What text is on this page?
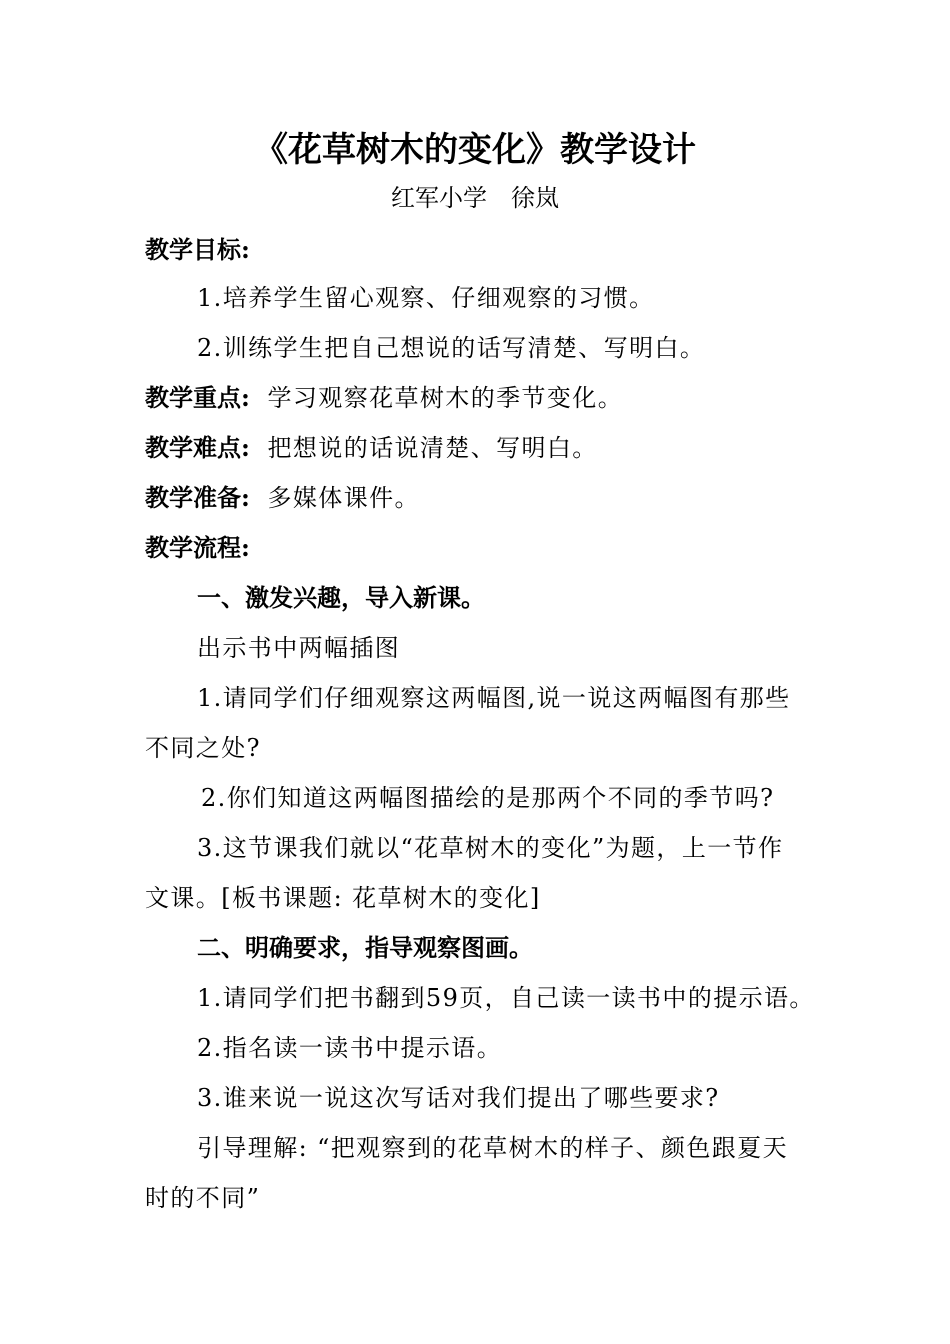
《花草树木的变化》教学设计
红军小学　徐岚
教学目标:
1.培养学生留心观察、仔细观察的习惯。
2.训练学生把自己想说的话写清楚、写明白。
教学重点: 学习观察花草树木的季节变化。
教学难点: 把想说的话说清楚、写明白。
教学准备: 多媒体课件。
教学流程:
一、激发兴趣，导入新课。
出示书中两幅插图
1.请同学们仔细观察这两幅图,说一说这两幅图有那些
不同之处?
2.你们知道这两幅图描绘的是那两个不同的季节吗?
3.这节课我们就以“花草树木的变化”为题，上一节作
文课。[板书课题: 花草树木的变化]
二、明确要求，指导观察图画。
1.请同学们把书翻到59页，自己读一读书中的提示语。
2.指名读一读书中提示语。
3.谁来说一说这次写话对我们提出了哪些要求?
引导理解: “把观察到的花草树木的样子、颜色跟夏天
时的不同”
